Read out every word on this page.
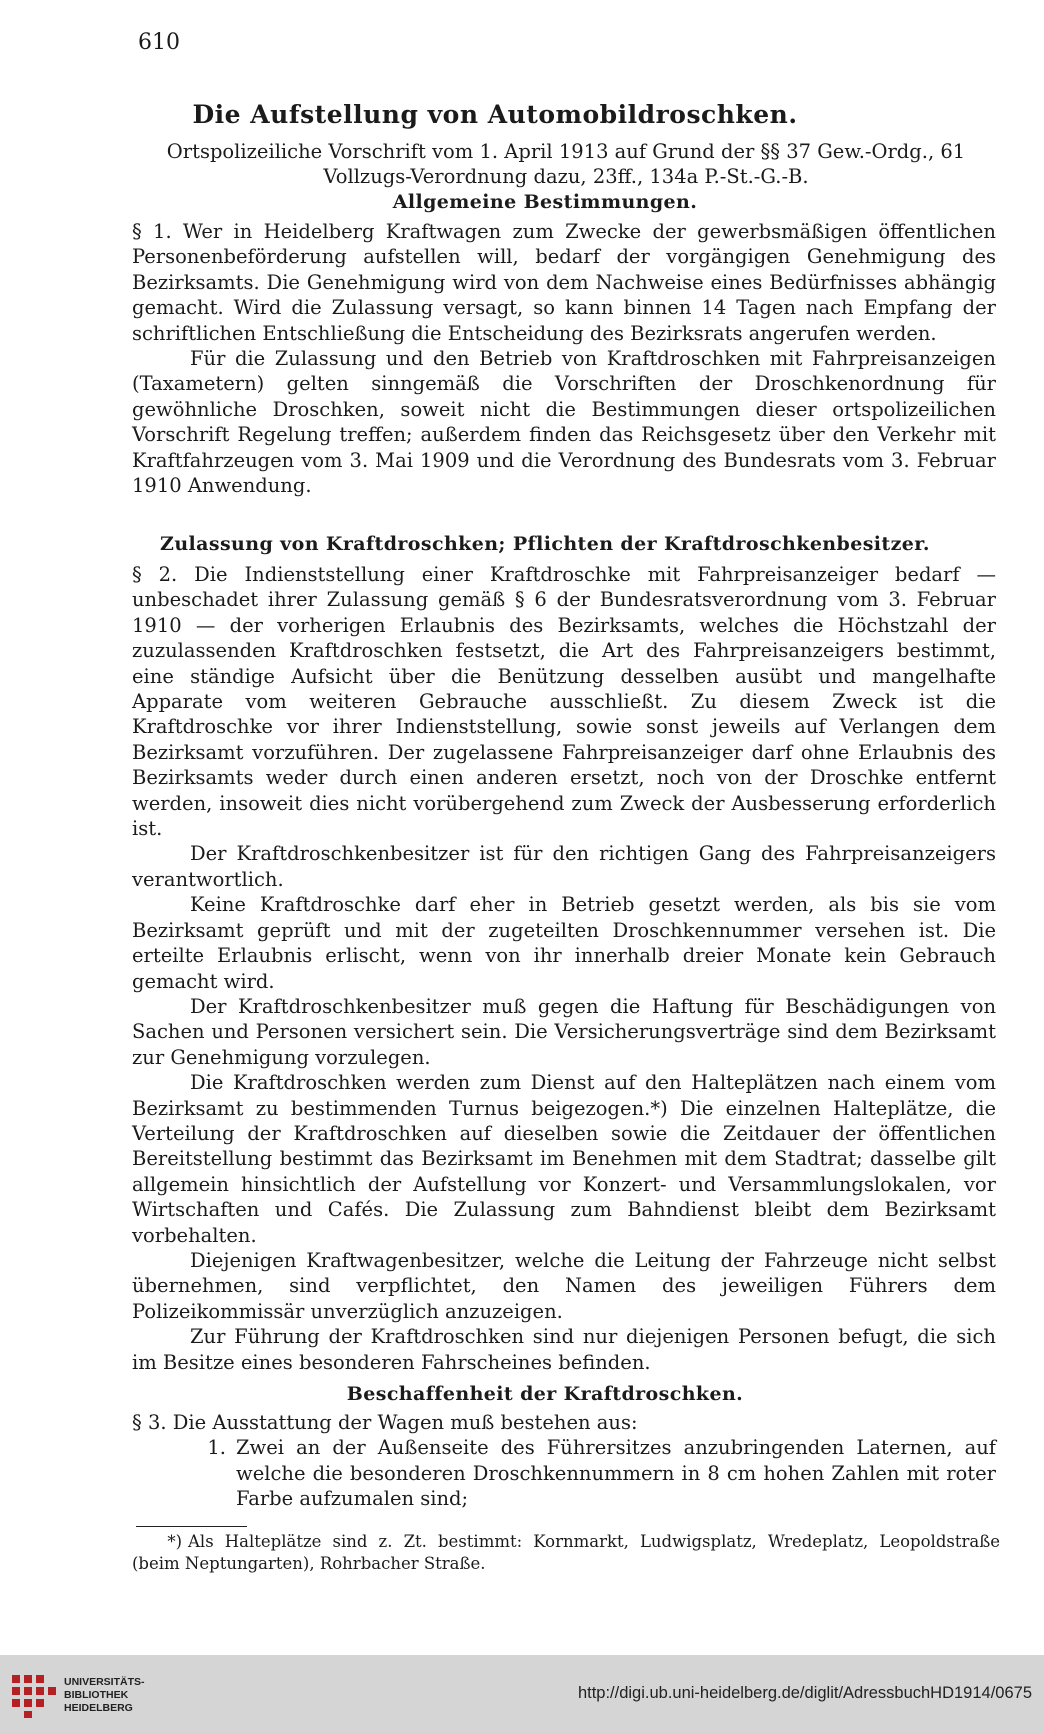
610
Die Aufstellung von Automobildroschken.
Ortspolizeiliche Vorschrift vom 1. April 1913 auf Grund der §§ 37 Gew.-Ordg., 61
Vollzugs-Verordnung dazu, 23ff., 134a P.-St.-G.-B.
Allgemeine Bestimmungen.

§ 1. Wer in Heidelberg Kraftwagen zum Zwecke der gewerbsmäßigen öffentlichen Personenbeförderung aufstellen will, bedarf der vorgängigen Genehmigung des Bezirksamts. Die Genehmigung wird von dem Nachweise eines Bedürfnisses abhängig gemacht. Wird die Zulassung versagt, so kann binnen 14 Tagen nach Empfang der schriftlichen Entschließung die Entscheidung des Bezirksrats angerufen werden.

Für die Zulassung und den Betrieb von Kraftdroschken mit Fahrpreisanzeigen (Taxametern) gelten sinngemäß die Vorschriften der Droschkenordnung für gewöhnliche Droschken, soweit nicht die Bestimmungen dieser ortspolizeilichen Vorschrift Regelung treffen; außerdem finden das Reichsgesetz über den Verkehr mit Kraftfahrzeugen vom 3. Mai 1909 und die Verordnung des Bundesrats vom 3. Februar 1910 Anwendung.

Zulassung von Kraftdroschken; Pflichten der Kraftdroschkenbesitzer.

§ 2. Die Indienststellung einer Kraftdroschke mit Fahrpreisanzeiger bedarf — unbeschadet ihrer Zulassung gemäß § 6 der Bundesratsverordnung vom 3. Februar 1910 — der vorherigen Erlaubnis des Bezirksamts, welches die Höchstzahl der zuzulassenden Kraftdroschken festsetzt, die Art des Fahrpreisanzeigers bestimmt, eine ständige Aufsicht über die Benützung desselben ausübt und mangelhafte Apparate vom weiteren Gebrauche ausschließt. Zu diesem Zweck ist die Kraftdroschke vor ihrer Indienststellung, sowie sonst jeweils auf Verlangen dem Bezirksamt vorzuführen. Der zugelassene Fahrpreisanzeiger darf ohne Erlaubnis des Bezirksamts weder durch einen anderen ersetzt, noch von der Droschke entfernt werden, insoweit dies nicht vorübergehend zum Zweck der Ausbesserung erforderlich ist.

Der Kraftdroschkenbesitzer ist für den richtigen Gang des Fahrpreisanzeigers verantwortlich.

Keine Kraftdroschke darf eher in Betrieb gesetzt werden, als bis sie vom Bezirksamt geprüft und mit der zugeteilten Droschkennummer versehen ist. Die erteilte Erlaubnis erlischt, wenn von ihr innerhalb dreier Monate kein Gebrauch gemacht wird.

Der Kraftdroschkenbesitzer muß gegen die Haftung für Beschädigungen von Sachen und Personen versichert sein. Die Versicherungsverträge sind dem Bezirksamt zur Genehmigung vorzulegen.

Die Kraftdroschken werden zum Dienst auf den Halteplätzen nach einem vom Bezirksamt zu bestimmenden Turnus beigezogen.*) Die einzelnen Halteplätze, die Verteilung der Kraftdroschken auf dieselben sowie die Zeitdauer der öffentlichen Bereitstellung bestimmt das Bezirksamt im Benehmen mit dem Stadtrat; dasselbe gilt allgemein hinsichtlich der Aufstellung vor Konzert- und Versammlungslokalen, vor Wirtschaften und Cafés. Die Zulassung zum Bahndienst bleibt dem Bezirksamt vorbehalten.

Diejenigen Kraftwagenbesitzer, welche die Leitung der Fahrzeuge nicht selbst übernehmen, sind verpflichtet, den Namen des jeweiligen Führers dem Polizeikommissär unverzüglich anzuzeigen.

Zur Führung der Kraftdroschken sind nur diejenigen Personen befugt, die sich im Besitze eines besonderen Fahrscheines befinden.

Beschaffenheit der Kraftdroschken.

§ 3. Die Ausstattung der Wagen muß bestehen aus:

1. Zwei an der Außenseite des Führersitzes anzubringenden Laternen, auf welche die besonderen Droschkennummern in 8 cm hohen Zahlen mit roter Farbe aufzumalen sind;
*) Als Halteplätze sind z. Zt. bestimmt: Kornmarkt, Ludwigsplatz, Wredeplatz, Leopoldstraße (beim Neptungarten), Rohrbacher Straße.
UNIVERSITÄTS-
BIBLIOTHEK
HEIDELBERG
http://digi.ub.uni-heidelberg.de/diglit/AdressbuchHD1914/0675
